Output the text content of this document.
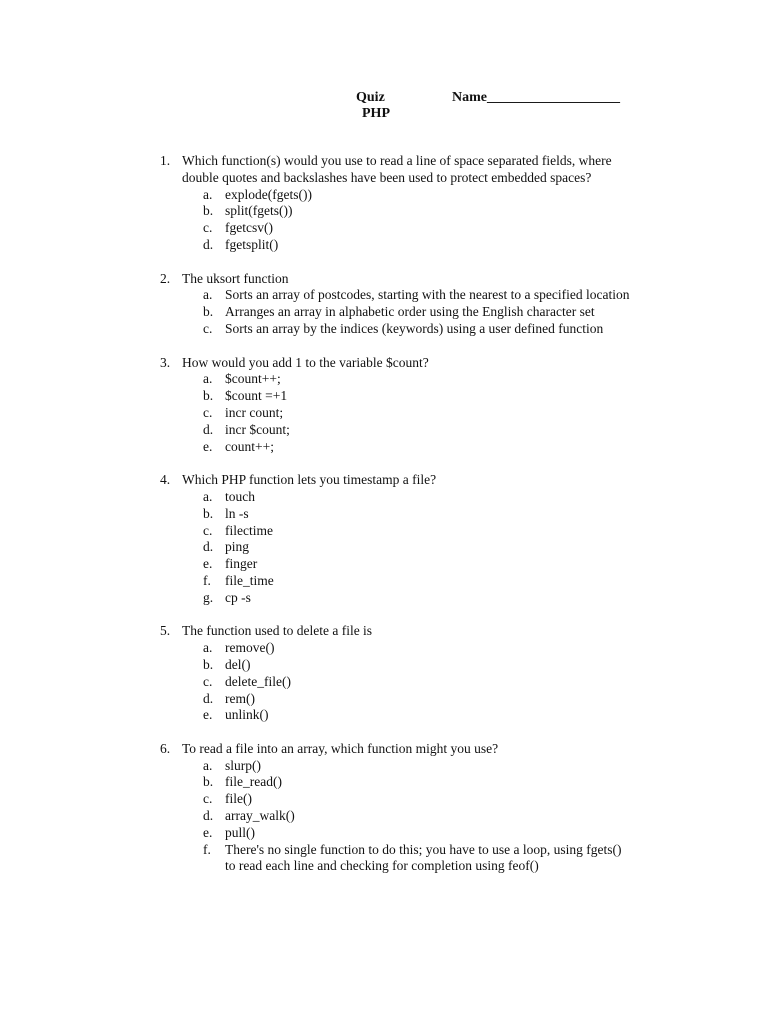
Quiz
PHP
Name___________________
1. Which function(s) would you use to read a line of space separated fields, where double quotes and backslashes have been used to protect embedded spaces?
a. explode(fgets())
b. split(fgets())
c. fgetcsv()
d. fgetsplit()
2. The uksort function
a. Sorts an array of postcodes, starting with the nearest to a specified location
b. Arranges an array in alphabetic order using the English character set
c. Sorts an array by the indices (keywords) using a user defined function
3. How would you add 1 to the variable $count?
a. $count++;
b. $count =+1
c. incr count;
d. incr $count;
e. count++;
4. Which PHP function lets you timestamp a file?
a. touch
b. ln -s
c. filectime
d. ping
e. finger
f.	file_time
g. cp -s
5. The function used to delete a file is
a. remove()
b. del()
c. delete_file()
d. rem()
e. unlink()
6. To read a file into an array, which function might you use?
a. slurp()
b. file_read()
c. file()
d. array_walk()
e. pull()
f.	There's no single function to do this; you have to use a loop, using fgets() to read each line and checking for completion using feof()
